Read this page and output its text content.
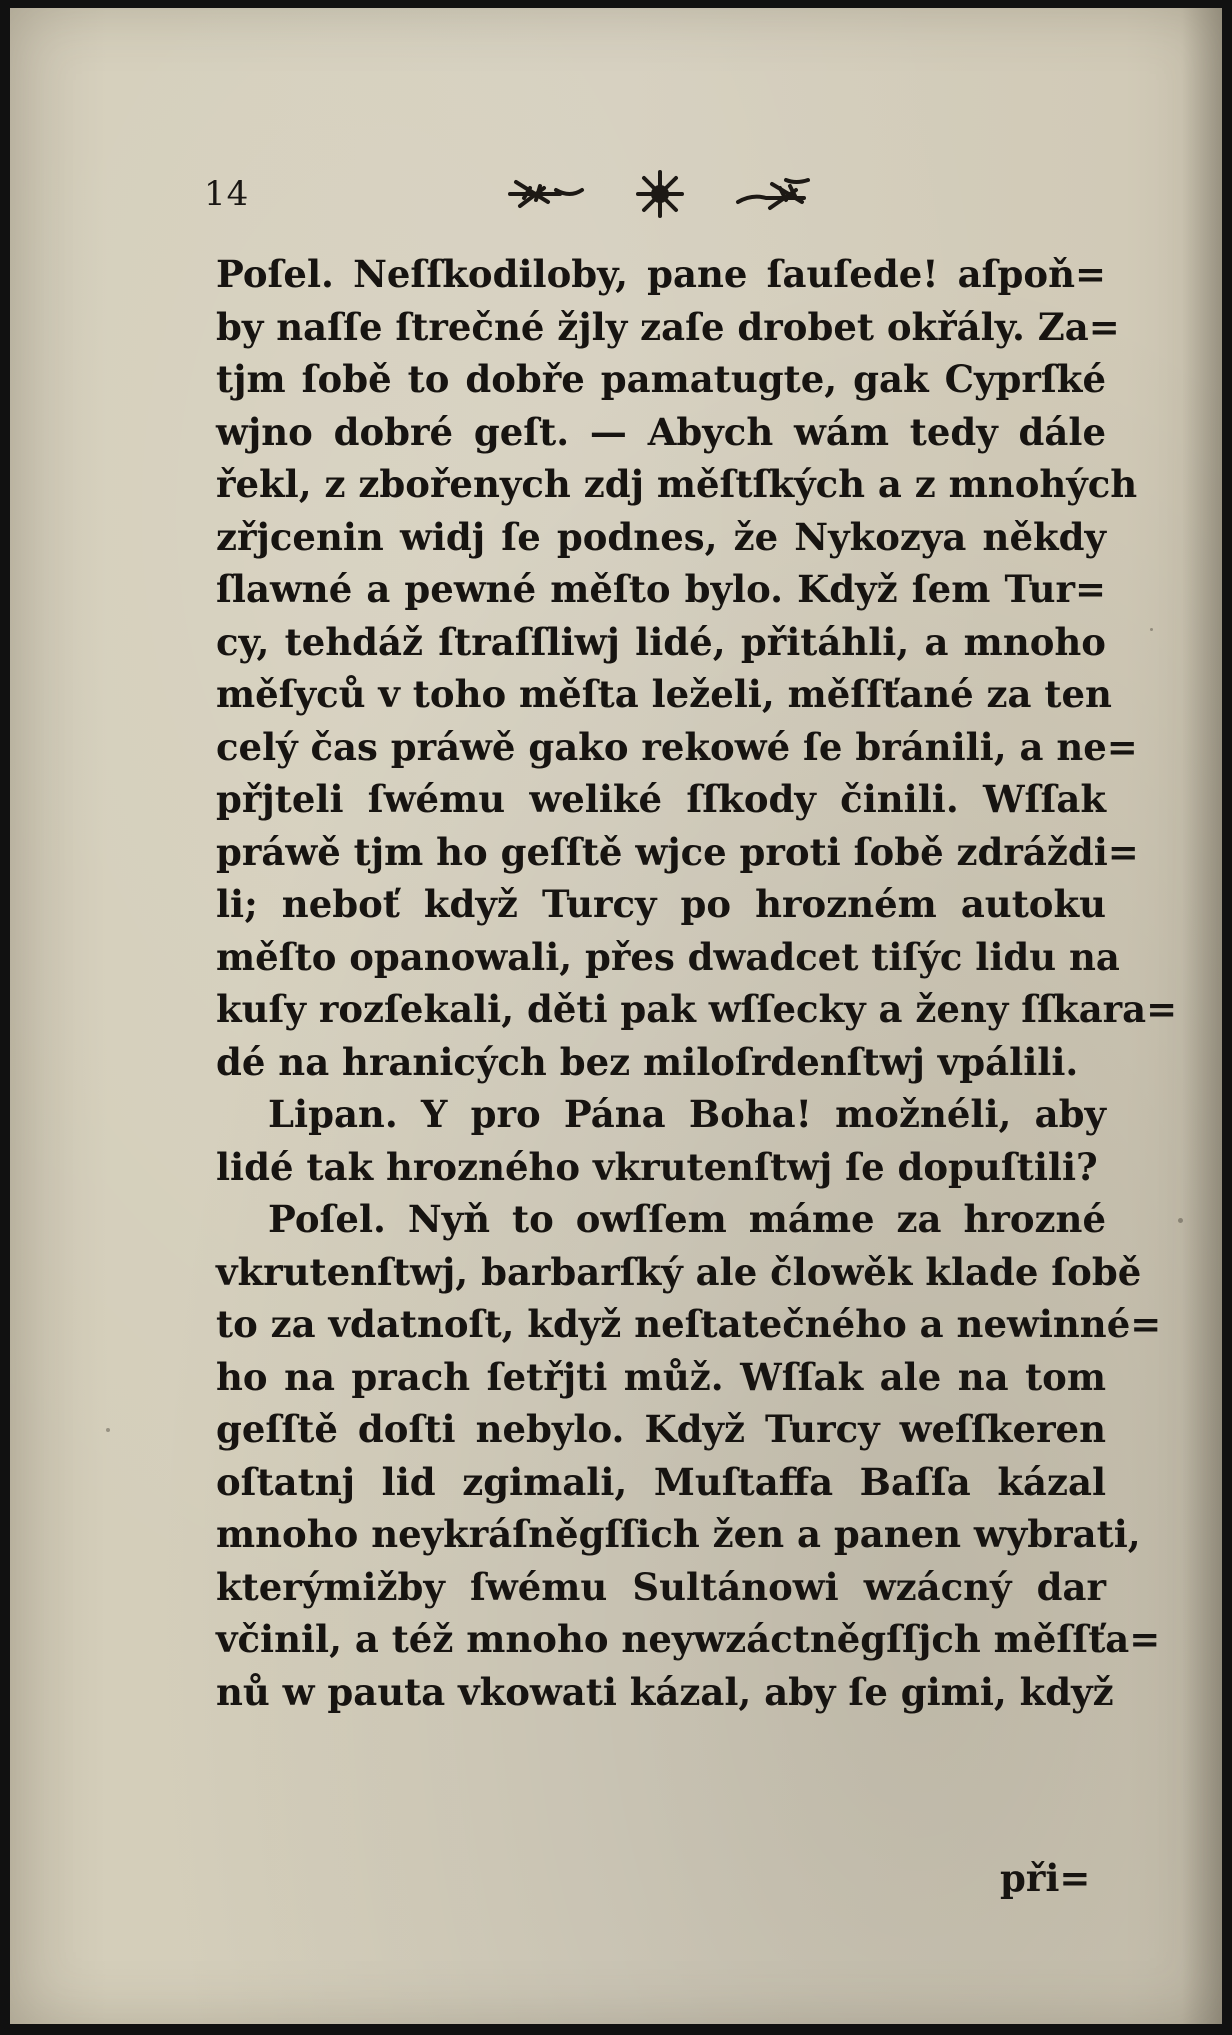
14
Poſel. Neſſkodiloby, pane ſauſede! aſpoň=
by naſſe ſtrečné žjly zaſe drobet okřály. Za=
tjm ſobě to dobře pamatugte, gak Cyprſké
wjno dobré geſt. — Abych wám tedy dále
řekl, z zbořenych zdj měſtſkých a z mnohých
zřjcenin widj ſe podnes, že Nykozya někdy
ſlawné a pewné měſto bylo. Když ſem Tur=
cy, tehdáž ſtraſſliwj lidé, přitáhli, a mnoho
měſyců v toho měſta leželi, měſſťané za ten
celý čas práwě gako rekowé ſe bránili, a ne=
přjteli ſwému weliké ſſkody činili. Wſſak
práwě tjm ho geſſtě wjce proti ſobě zdráždi=
li; neboť když Turcy po hrozném autoku
měſto opanowali, přes dwadcet tiſýc lidu na
kuſy rozſekali, děti pak wſſecky a ženy ſſkara=
dé na hranicých bez miloſrdenſtwj vpálili.
Lipan. Y pro Pána Boha! možnéli, aby
lidé tak hrozného vkrutenſtwj ſe dopuſtili?
Poſel. Nyň to owſſem máme za hrozné
vkrutenſtwj, barbarſký ale člowěk klade ſobě
to za vdatnoſt, když neſtatečného a newinné=
ho na prach ſetřjti můž. Wſſak ale na tom
geſſtě doſti nebylo. Když Turcy weſſkeren
oſtatnj lid zgimali, Muſtaffa Baſſa kázal
mnoho neykráſněgſſich žen a panen wybrati,
kterýmižby ſwému Sultánowi wzácný dar
včinil, a též mnoho neywzáctněgſſjch měſſťa=
nů w pauta vkowati kázal, aby ſe gimi, když
při=
